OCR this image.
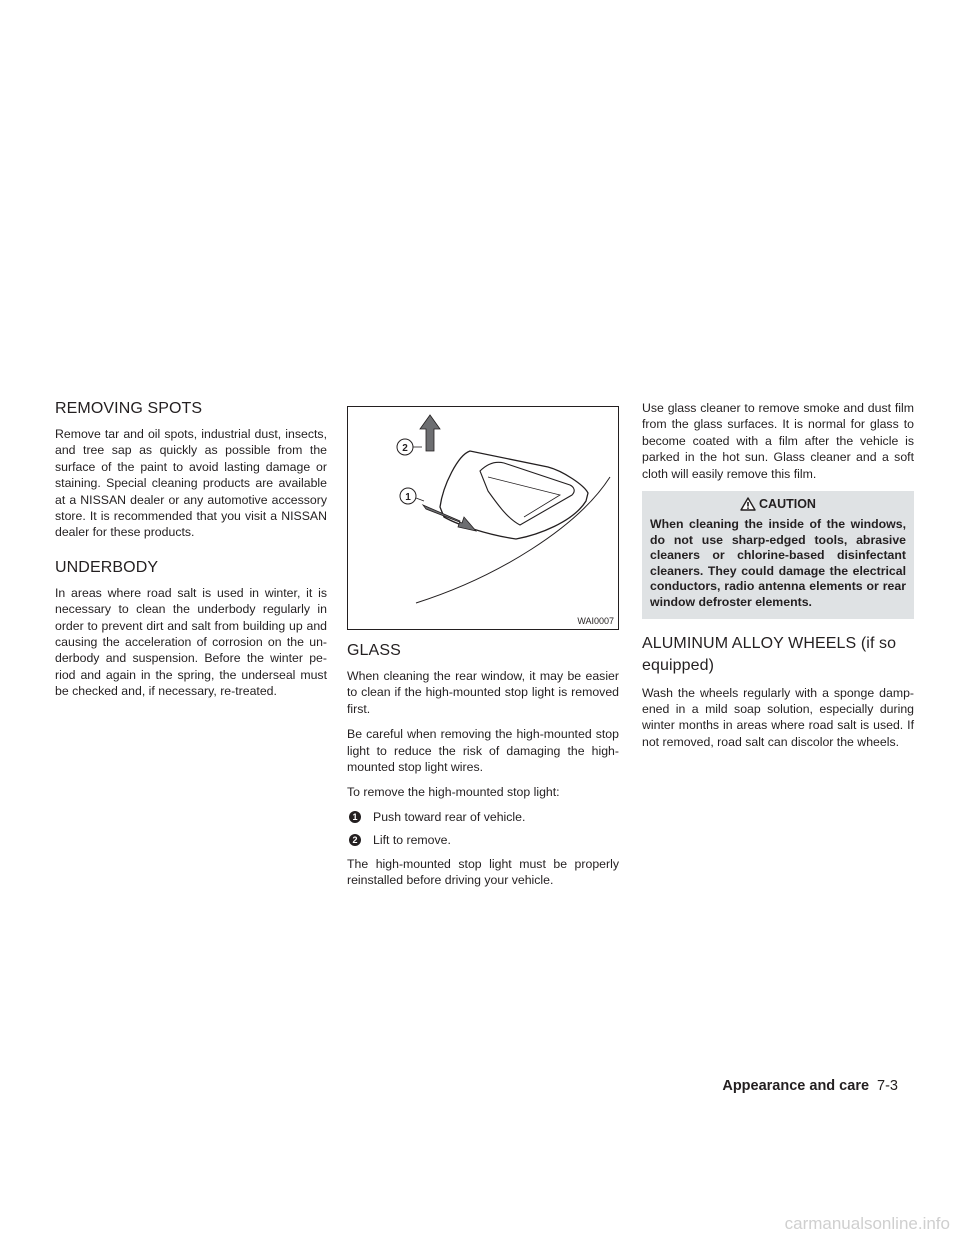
REMOVING SPOTS

Remove tar and oil spots, industrial dust, insects, and tree sap as quickly as possible from the surface of the paint to avoid lasting damage or staining. Special cleaning products are available at a NISSAN dealer or any automotive accessory store. It is recommended that you visit a NISSAN dealer for these products.

UNDERBODY

In areas where road salt is used in winter, it is necessary to clean the underbody regularly in order to prevent dirt and salt from building up and causing the acceleration of corrosion on the un-derbody and suspension. Before the winter pe-riod and again in the spring, the underseal must be checked and, if necessary, re-treated.

2
1
WAI0007
GLASS

When cleaning the rear window, it may be easier to clean if the high-mounted stop light is removed first.

Be careful when removing the high-mounted stop light to reduce the risk of damaging the high-mounted stop light wires.

To remove the high-mounted stop light:

1 Push toward rear of vehicle.
2 Lift to remove.

The high-mounted stop light must be properly reinstalled before driving your vehicle.

Use glass cleaner to remove smoke and dust film from the glass surfaces. It is normal for glass to become coated with a film after the vehicle is parked in the hot sun. Glass cleaner and a soft cloth will easily remove this film.

CAUTION
When cleaning the inside of the windows, do not use sharp-edged tools, abrasive cleaners or chlorine-based disinfectant cleaners. They could damage the electrical conductors, radio antenna elements or rear window defroster elements.
ALUMINUM ALLOY WHEELS (if so equipped)

Wash the wheels regularly with a sponge damp-ened in a mild soap solution, especially during winter months in areas where road salt is used. If not removed, road salt can discolor the wheels.

Appearance and care 7-3
carmanualsonline.info
